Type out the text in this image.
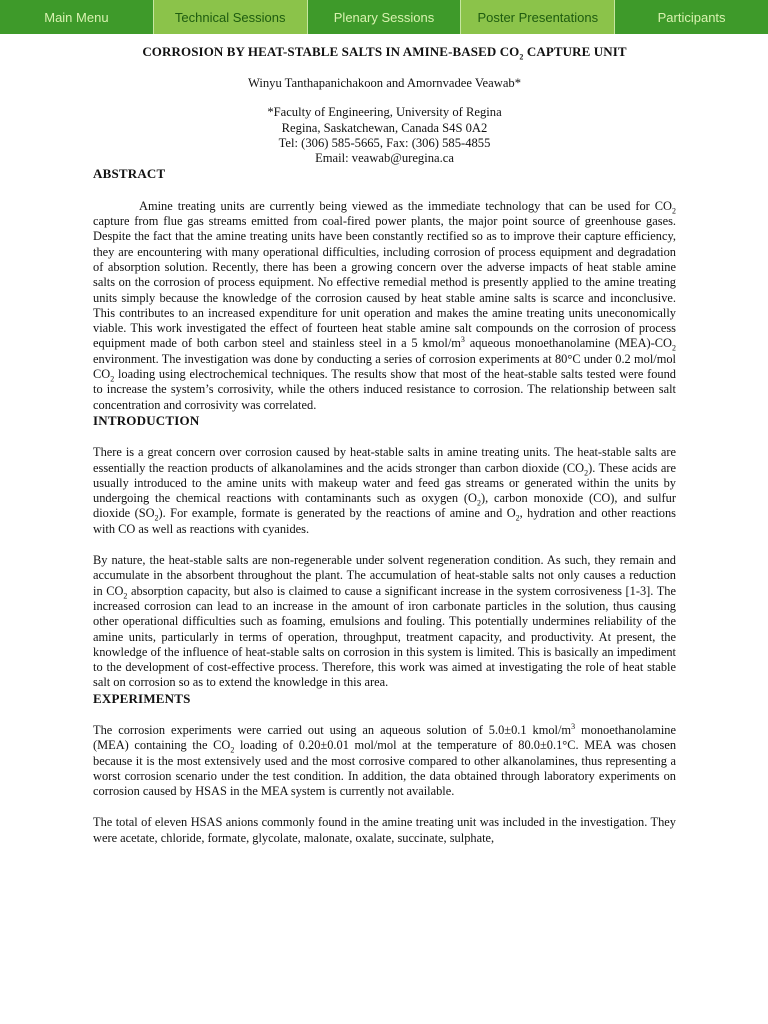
Main Menu	Technical Sessions	Plenary Sessions	Poster Presentations	Participants
CORROSION BY HEAT-STABLE SALTS IN AMINE-BASED $CO_2$ CAPTURE UNIT
Winyu Tanthapanichakoon and Amornvadee Veawab*
*Faculty of Engineering, University of Regina
Regina, Saskatchewan, Canada S4S 0A2
Tel: (306) 585-5665, Fax: (306) 585-4855
Email: veawab@uregina.ca
ABSTRACT

Amine treating units are currently being viewed as the immediate technology that can be used for $CO_2$ capture from flue gas streams emitted from coal-fired power plants, the major point source of greenhouse gases. Despite the fact that the amine treating units have been constantly rectified so as to improve their capture efficiency, they are encountering with many operational difficulties, including corrosion of process equipment and degradation of absorption solution. Recently, there has been a growing concern over the adverse impacts of heat stable amine salts on the corrosion of process equipment. No effective remedial method is presently applied to the amine treating units simply because the knowledge of the corrosion caused by heat stable amine salts is scarce and inconclusive. This contributes to an increased expenditure for unit operation and makes the amine treating units uneconomically viable. This work investigated the effect of fourteen heat stable amine salt compounds on the corrosion of process equipment made of both carbon steel and stainless steel in a 5 kmol/$m^3$ aqueous monoethanolamine $(MEA)-CO_2$ environment. The investigation was done by conducting a series of corrosion experiments at 80°C under 0.2 mol/mol $CO_2$ loading using electrochemical techniques. The results show that most of the heat-stable salts tested were found to increase the system’s corrosivity, while the others induced resistance to corrosion. The relationship between salt concentration and corrosivity was correlated.

INTRODUCTION

There is a great concern over corrosion caused by heat-stable salts in amine treating units. The heat-stable salts are essentially the reaction products of alkanolamines and the acids stronger than carbon dioxide $(CO_2)$. These acids are usually introduced to the amine units with makeup water and feed gas streams or generated within the units by undergoing the chemical reactions with contaminants such as oxygen $(O_2)$, carbon monoxide (CO), and sulfur dioxide $(SO_2)$. For example, formate is generated by the reactions of amine and $O_2$, hydration and other reactions with CO as well as reactions with cyanides.

By nature, the heat-stable salts are non-regenerable under solvent regeneration condition. As such, they remain and accumulate in the absorbent throughout the plant. The accumulation of heat-stable salts not only causes a reduction in $CO_2$ absorption capacity, but also is claimed to cause a significant increase in the system corrosiveness [1-3]. The increased corrosion can lead to an increase in the amount of iron carbonate particles in the solution, thus causing other operational difficulties such as foaming, emulsions and fouling. This potentially undermines reliability of the amine units, particularly in terms of operation, throughput, treatment capacity, and productivity. At present, the knowledge of the influence of heat-stable salts on corrosion in this system is limited. This is basically an impediment to the development of cost-effective process. Therefore, this work was aimed at investigating the role of heat stable salt on corrosion so as to extend the knowledge in this area.

EXPERIMENTS

The corrosion experiments were carried out using an aqueous solution of 5.0±0.1 kmol/$m^3$ monoethanolamine (MEA) containing the $CO_2$ loading of 0.20±0.01 mol/mol at the temperature of 80.0±0.1°C. MEA was chosen because it is the most extensively used and the most corrosive compared to other alkanolamines, thus representing a worst corrosion scenario under the test condition. In addition, the data obtained through laboratory experiments on corrosion caused by HSAS in the MEA system is currently not available.

The total of eleven HSAS anions commonly found in the amine treating unit was included in the investigation. They were acetate, chloride, formate, glycolate, malonate, oxalate, succinate, sulphate,
